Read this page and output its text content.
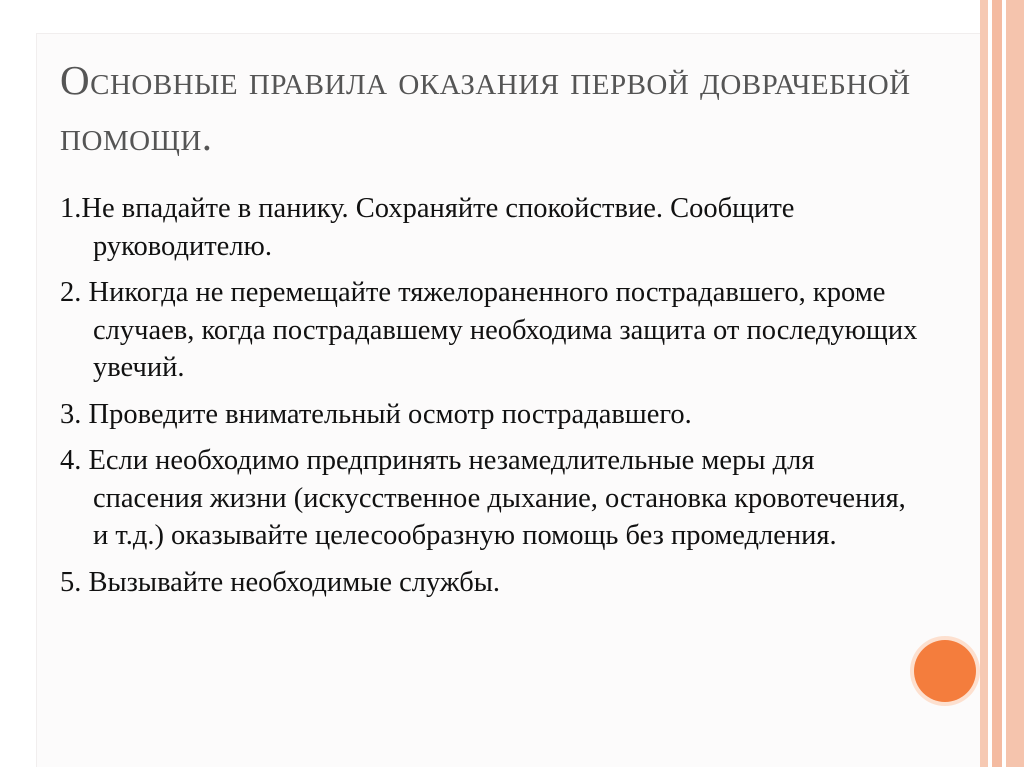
Основные правила оказания первой доврачебной помощи.
1.Не впадайте в панику. Сохраняйте спокойствие. Сообщите руководителю.
2. Никогда не перемещайте тяжелораненного пострадавшего, кроме случаев, когда пострадавшему необходима защита от последующих увечий.
3. Проведите внимательный осмотр пострадавшего.
4. Если необходимо предпринять незамедлительные меры для спасения жизни (искусственное дыхание, остановка кровотечения, и т.д.) оказывайте целесообразную помощь без промедления.
5. Вызывайте необходимые службы.
